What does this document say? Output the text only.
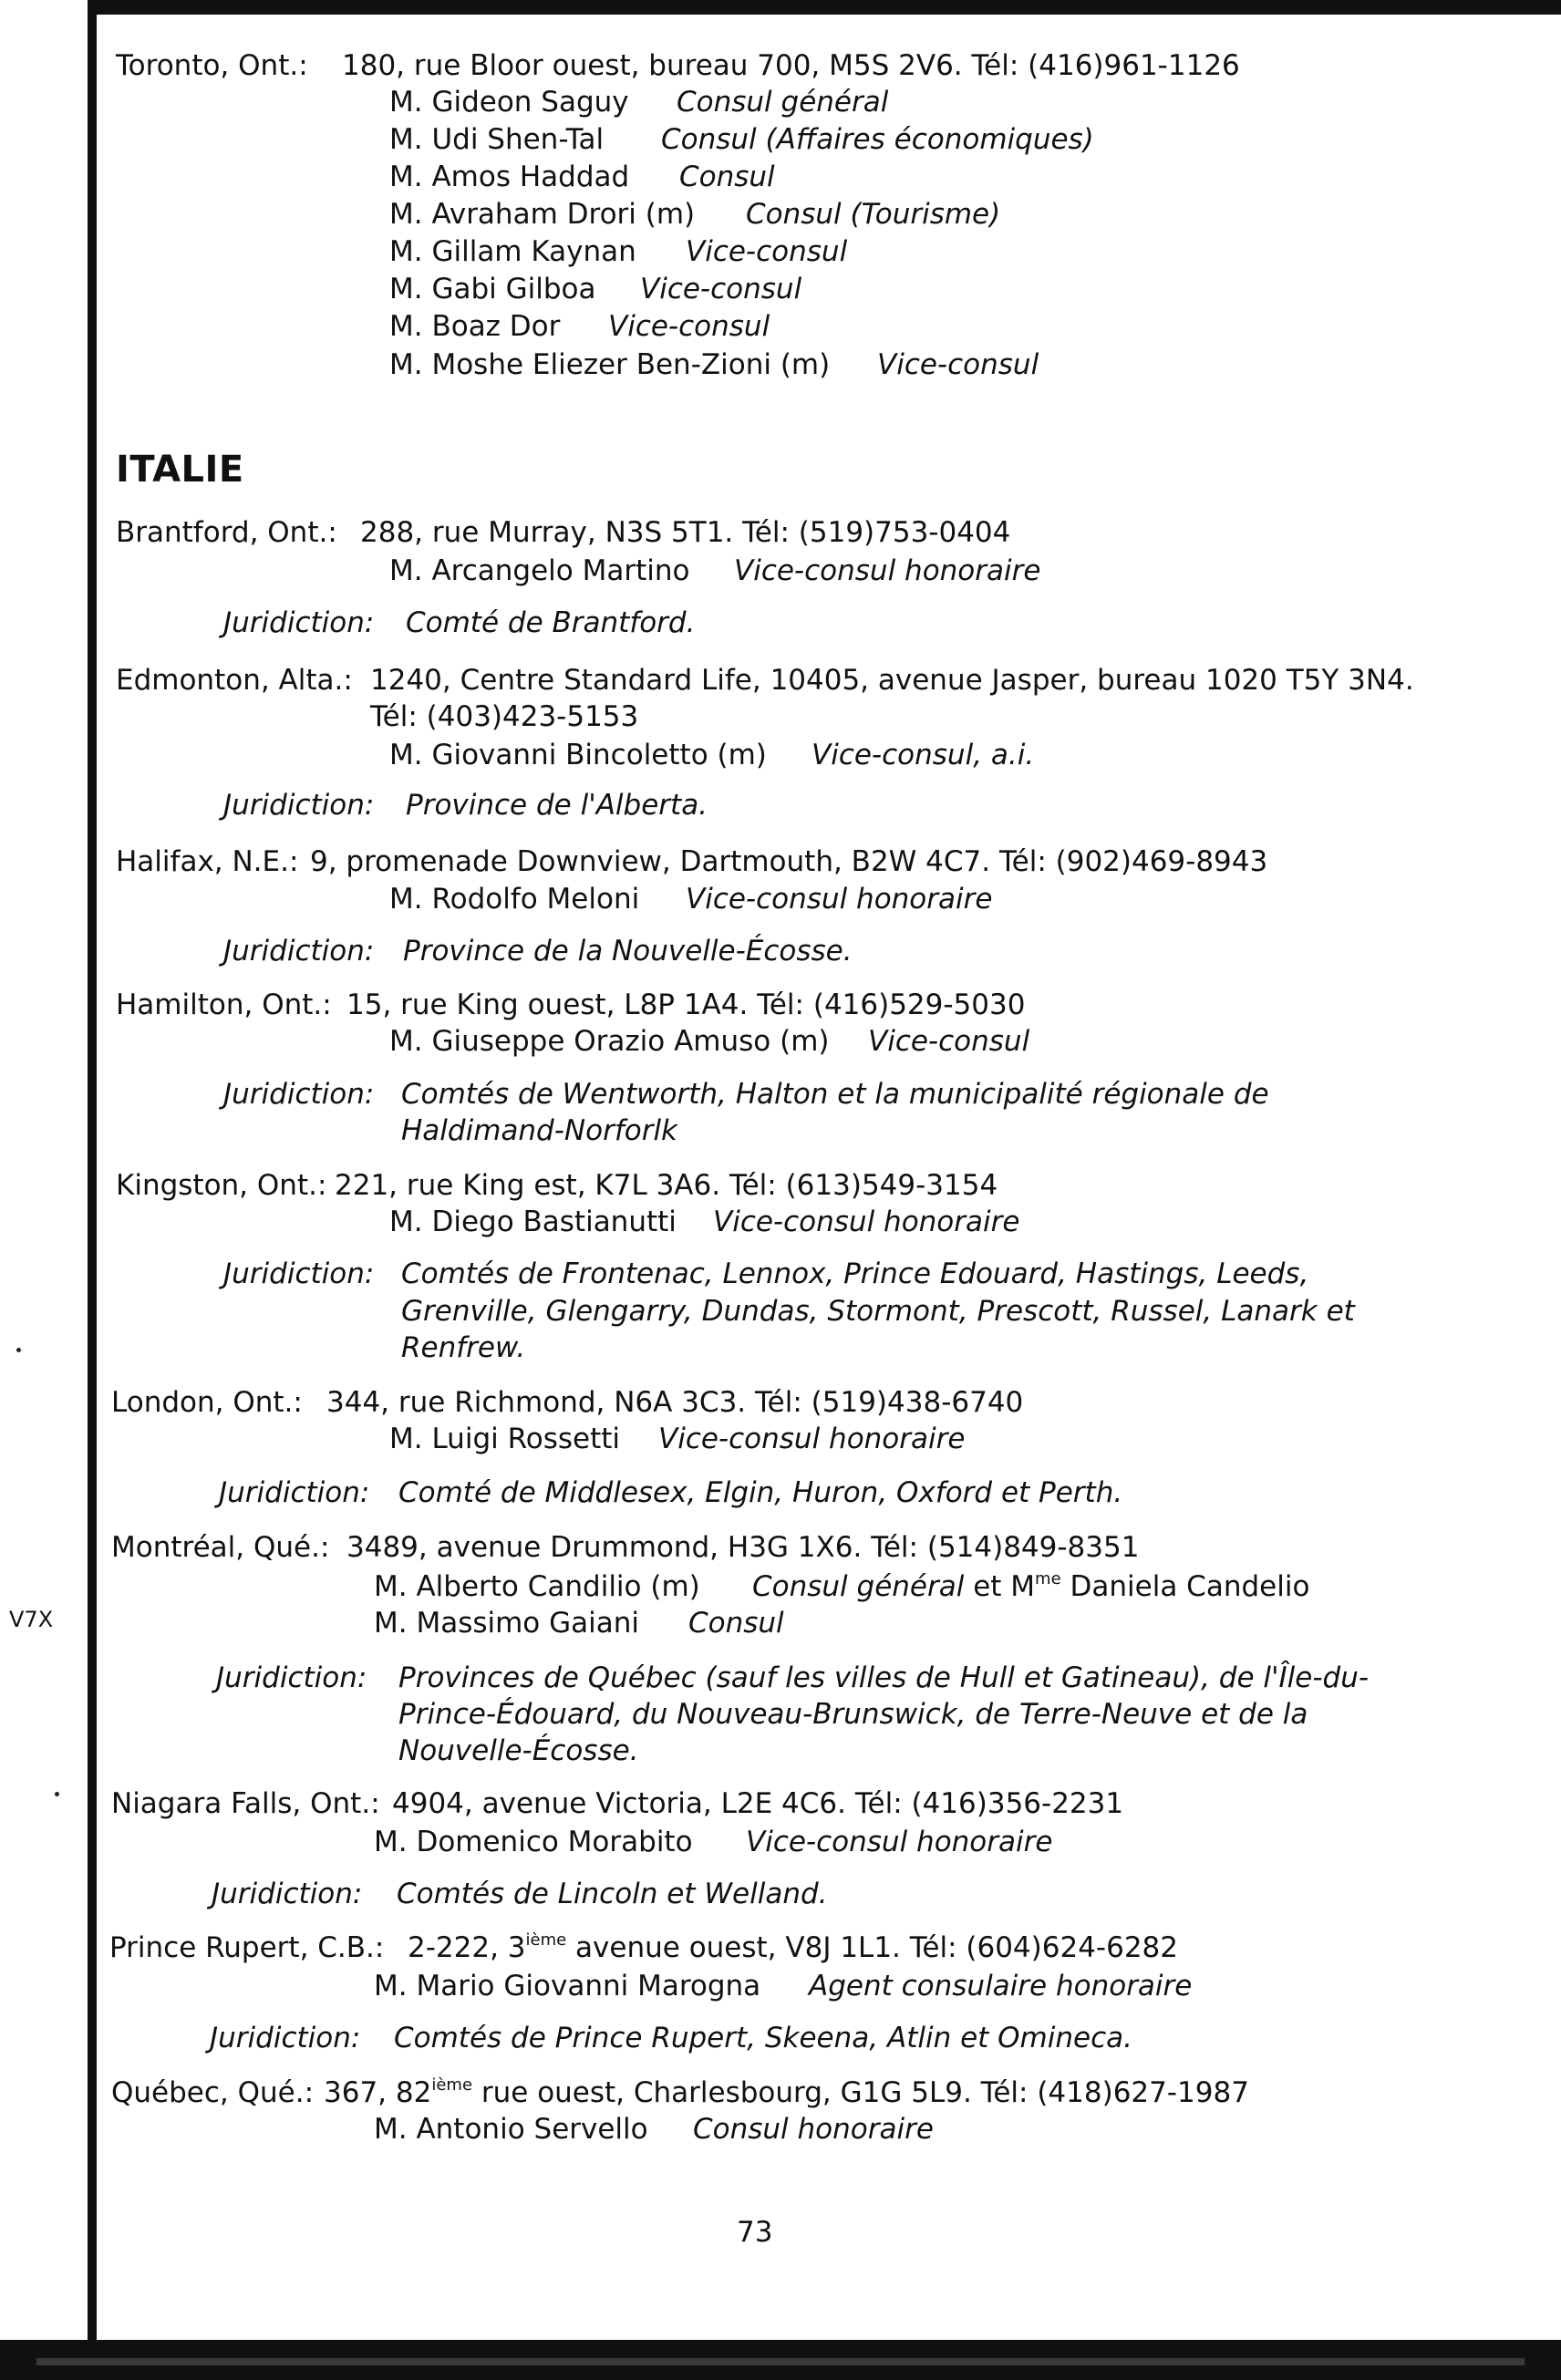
V7X
Toronto, Ont.: 180, rue Bloor ouest, bureau 700, M5S 2V6. Tél: (416)961-1126
M. Gideon Saguy Consul général
M. Udi Shen-Tal Consul (Affaires économiques)
M. Amos Haddad Consul
M. Avraham Drori (m) Consul (Tourisme)
M. Gillam Kaynan Vice-consul
M. Gabi Gilboa Vice-consul
M. Boaz Dor Vice-consul
M. Moshe Eliezer Ben-Zioni (m) Vice-consul
ITALIE
Brantford, Ont.: 288, rue Murray, N3S 5T1. Tél: (519)753-0404
M. Arcangelo Martino Vice-consul honoraire
Juridiction: Comté de Brantford.
Edmonton, Alta.: 1240, Centre Standard Life, 10405, avenue Jasper, bureau 1020 T5Y 3N4.
Tél: (403)423-5153
M. Giovanni Bincoletto (m) Vice-consul, a.i.
Juridiction: Province de l'Alberta.
Halifax, N.E.: 9, promenade Downview, Dartmouth, B2W 4C7. Tél: (902)469-8943
M. Rodolfo Meloni Vice-consul honoraire
Juridiction: Province de la Nouvelle-Écosse.
Hamilton, Ont.: 15, rue King ouest, L8P 1A4. Tél: (416)529-5030
M. Giuseppe Orazio Amuso (m) Vice-consul
Juridiction: Comtés de Wentworth, Halton et la municipalité régionale de
Haldimand-Norforlk
Kingston, Ont.: 221, rue King est, K7L 3A6. Tél: (613)549-3154
M. Diego Bastianutti Vice-consul honoraire
Juridiction: Comtés de Frontenac, Lennox, Prince Edouard, Hastings, Leeds,
Grenville, Glengarry, Dundas, Stormont, Prescott, Russel, Lanark et
Renfrew.
London, Ont.: 344, rue Richmond, N6A 3C3. Tél: (519)438-6740
M. Luigi Rossetti Vice-consul honoraire
Juridiction: Comté de Middlesex, Elgin, Huron, Oxford et Perth.
Montréal, Qué.: 3489, avenue Drummond, H3G 1X6. Tél: (514)849-8351
M. Alberto Candilio (m) Consul général et $M^{me}$ Daniela Candelio
M. Massimo Gaiani Consul
Juridiction: Provinces de Québec (sauf les villes de Hull et Gatineau), de l'Île-du-
Prince-Édouard, du Nouveau-Brunswick, de Terre-Neuve et de la
Nouvelle-Écosse.
Niagara Falls, Ont.: 4904, avenue Victoria, L2E 4C6. Tél: (416)356-2231
M. Domenico Morabito Vice-consul honoraire
Juridiction: Comtés de Lincoln et Welland.
Prince Rupert, C.B.: 2-222, 3ième avenue ouest, V8J 1L1. Tél: (604)624-6282
M. Mario Giovanni Marogna Agent consulaire honoraire
Juridiction: Comtés de Prince Rupert, Skeena, Atlin et Omineca.
Québec, Qué.: 367, 82ième rue ouest, Charlesbourg, G1G 5L9. Tél: (418)627-1987
M. Antonio Servello Consul honoraire
73
